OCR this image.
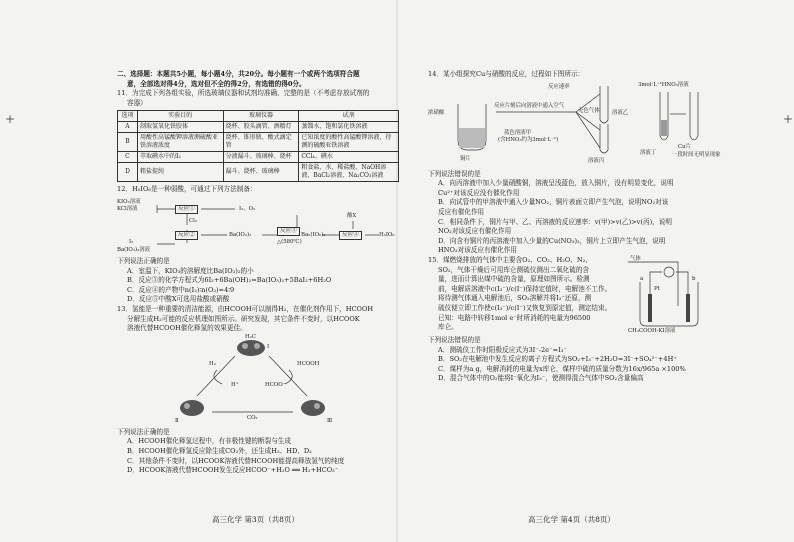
+	+

二、选择题：本题共5小题，每小题4分，共20分。每小题有一个或两个选项符合题

意，全部选对得4分，选对但不全的得2分，有选错的得0分。

11．为完成下列各组实验，所选玻璃仪器和试剂均准确、完整的是（不考虑存放试剂的

容器）

选项	实验目的	玻璃仪器	试剂
A	制取氢氧化铁胶体	烧杯、胶头滴管、酒精灯	蒸馏水、饱和氯化铁溶液
B	用酸性高锰酸钾溶液测硫酸亚铁溶液浓度	烧杯、锥形瓶、酸式滴定管	已知浓度的酸性高锰酸钾溶液、待测的硫酸亚铁溶液
C	萃取碘水中的I₂	分液漏斗、玻璃棒、烧杯	CCl₄、碘水
D	粗盐提纯	漏斗、烧杯、玻璃棒	粗食盐、水、稀盐酸、NaOH溶液、BaCl₂溶液、Na₂CO₃溶液

12．H₅IO₆是一种弱酸，可通过下列方法制备：

KIO₃溶液
KCl溶液	反应①	I₂、O₂
反应②
Cl₂
I₂
Ba(IO₃)₂溶液
Ba(IO₃)₂
反应③
△(580℃)
Ba₅(IO₆)₂	反应④
酸X
H₅IO₆

下列说法正确的是

A．室温下，KIO₃的溶解度比Ba(IO₃)₂的小

B．反应③的化学方程式为6I₂+6Ba(OH)₂=Ba(IO₃)₂+5BaI₂+6H₂O

C．反应④的产物中n(I₂)∶n(O₂)=4∶9

D．反应⑤中酸X可选用盐酸或硝酸

13．氢能是一种重要的清洁能源，由HCOOH可以制得H₂，在催化剂作用下，HCOOH

分解生成H₂可能的反应机理如图所示。研究发现，其它条件不变时，以HCOOK

溶液代替HCOOH催化释氢的效果更佳。

H₂C
H₂	HCOOH
H⁺	HCOO⁻
CO₂
Ⅰ
Ⅱ	Ⅲ

下列说法正确的是

A．HCOOH催化释氢过程中，有非极性键的断裂与生成

B．HCOOH催化释氢反应除生成CO₂外，还生成H₂、HD、D₂

C．其他条件不变时，以HCOOK溶液代替HCOOH能提高释放氢气的纯度

D．HCOOK溶液代替HCOOH发生反应HCOO⁻+H₂O ══ H₂+HCO₃⁻

14．某小组探究Cu与硝酸的反应，过程如下图所示：

浓硝酸
铜片
反应片刻后向溶液中通入空气
蓝色溶液甲
(含HNO₃约为3mol·L⁻¹)
无色气体 溶液乙
溶液丙
3mol·L⁻¹HNO₃溶液
溶液丁
Cu片
一段时间无明显现象
反应速率

下列说法错误的是

A．向丙溶液中加入少量硝酸铜，溶液呈浅蓝色，放入铜片，没有明显变化，说明

Cu²⁺对该反应没有催化作用

B．向试管中的甲溶液中通入少量NO₂，铜片表面立即产生气泡，说明NO₂对该

反应有催化作用

C．相同条件下，铜片与甲、乙、丙溶液的反应速率：v(甲)>v(乙)>v(丙)，说明

NO₂对该反应有催化作用

D．向含有铜片的丙溶液中加入少量的Cu(NO₃)₂，铜片上立即产生气泡，说明

HNO₃对该反应有催化作用

15．煤燃烧排放的气体中主要含O₂、CO₂、H₂O、N₂、

SO₂，气体干燥后可用库仑测硫仪测出二氧化硫的含

量，进而计算出煤中硫的含量，原理如图所示。检测

前，电解质溶液中c(I₃⁻)/c(I⁻)保持定值时，电解池不工作。

将待测气体通入电解池后，SO₂溶解并将I₃⁻还原，测

硫仪便立即工作使c(I₃⁻)/c(I⁻)又恢复到原定值，测定结束。

已知：电路中转移1mol e⁻时所消耗的电量为96500

库仑。

气体
a	b
Pt
CH₃COOH-KI溶液

下列说法错误的是

A．测硫仪工作时阳极反应式为3I⁻-2e⁻=I₃⁻

B．SO₂在电解池中发生反应的离子方程式为SO₂+I₃⁻+2H₂O=3I⁻+SO₄²⁻+4H⁺

C．煤样为a g，电解消耗的电量为x库仑，煤样中硫的质量分数为16x/965a ×100%

D．混合气体中的O₂能将I⁻氧化为I₃⁻，使测得混合气体中SO₂含量偏高

高三化学 第3页（共8页）	高三化学 第4页（共8页）
